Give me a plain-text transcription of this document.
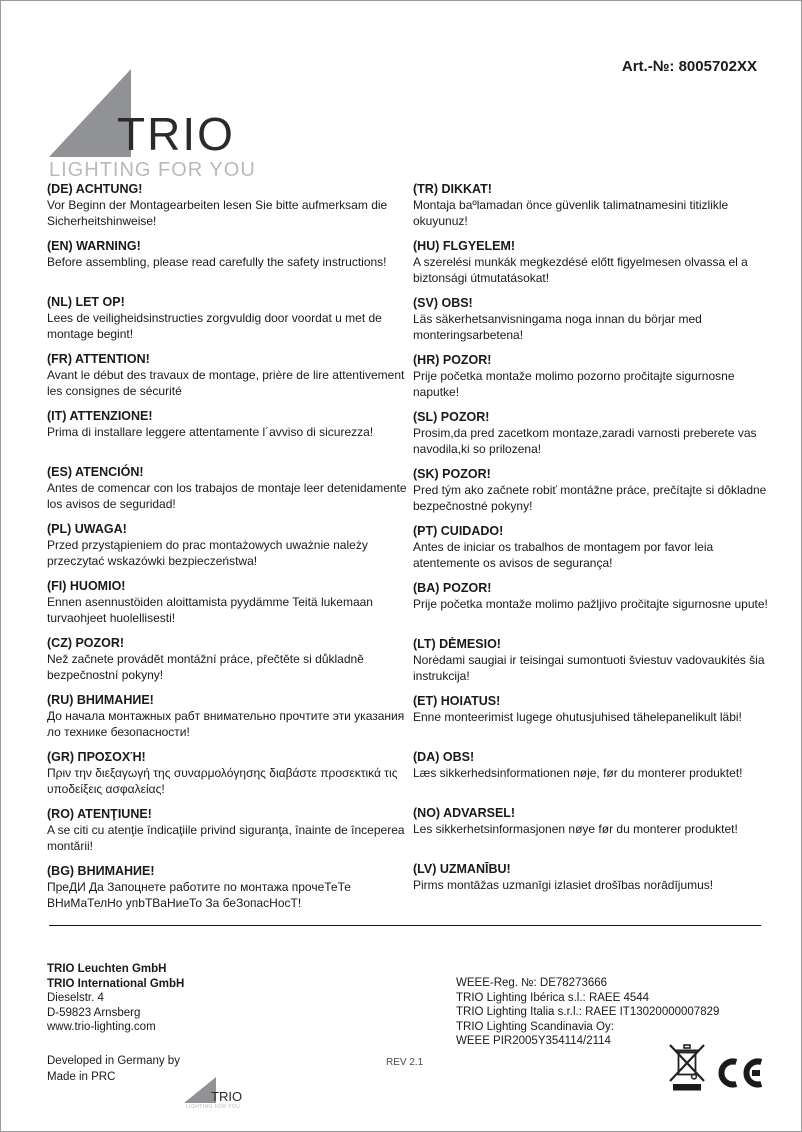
Art.-№: 8005702XX
TRIO
LIGHTING FOR YOU
(DE) ACHTUNG!
Vor Beginn der Montagearbeiten lesen Sie bitte aufmerksam die Sicherheitshinweise!
(EN) WARNING!
Before assembling, please read carefully the safety instructions!
(NL) LET OP!
Lees de veiligheidsinstructies zorgvuldig door voordat u met de montage begint!
(FR) ATTENTION!
Avant le début des travaux de montage, prière de lire attentivement les consignes de sécurité
(IT) ATTENZIONE!
Prima di installare leggere attentamente l´avviso di sicurezza!
(ES) ATENCIÓN!
Antes de comencar con los trabajos de montaje leer detenidamente los avisos de seguridad!
(PL) UWAGA!
Przed przystąpieniem do prac montażowych uważnie należy przeczytać wskazówki bezpieczeństwa!
(FI) HUOMIO!
Ennen asennustöiden aloittamista pyydämme Teitä lukemaan turvaohjeet huolellisesti!
(CZ) POZOR!
Než začnete provádět montážní práce, přečtěte si důkladně bezpečnostní pokyny!
(RU) ВНИМАНИЕ!
До начала монтажных рабт внимательно прочтите эти указания ло технике безопасности!
(GR) ΠΡΟΣΟΧΉ!
Πριν την διεξαγωγή της συναρμολόγησης διαβάστε προσεκτικά τις υποδείξεις ασφαλείας!
(RO) ATENŢIUNE!
A se citi cu atenţie îndicaţiile privind siguranţa, înainte de începerea montării!
(BG) ВНИМАНИЕ!
ПреДИ Да Запоцнете работите по монтажа прочеТеТе ВНиМаТелНо упbТВаНиеТо За беЗопасНосТ!
(TR) DIKKAT!
Montaja baºlamadan önce güvenlik talimatnamesini titizlikle okuyunuz!
(HU) FLGYELEM!
A szerelési munkák megkezdésé előtt figyelmesen olvassa el a biztonsági útmutatásokat!
(SV) OBS!
Läs säkerhetsanvisningama noga innan du börjar med monteringsarbetena!
(HR) POZOR!
Prije početka montaže molimo pozorno pročitajte sigurnosne naputke!
(SL) POZOR!
Prosim,da pred zacetkom montaze,zaradi varnosti preberete vas navodila,ki so prilozena!
(SK) POZOR!
Pred tým ako začnete robiť montážne práce, prečítajte si dôkladne bezpečnostné pokyny!
(PT) CUIDADO!
Antes de iniciar os trabalhos de montagem por favor leia atentemente os avisos de segurança!
(BA) POZOR!
Prije početka montaže molimo pažljivo pročitajte sigurnosne upute!
(LT) DĖMESIO!
Norėdami saugiai ir teisingai sumontuoti šviestuv vadovaukitės šia instrukcija!
(ET) HOIATUS!
Enne monteerimist lugege ohutusjuhised tähelepanelikult läbi!
(DA) OBS!
Læs sikkerhedsinformationen nøje, før du monterer produktet!
(NO) ADVARSEL!
Les sikkerhetsinformasjonen nøye før du monterer produktet!
(LV) UZMANĪBU!
Pirms montāžas uzmanīgi izlasiet drošības norādījumus!
TRIO Leuchten GmbH
TRIO International GmbH
Dieselstr. 4
D-59823 Arnsberg
www.trio-lighting.com
WEEE-Reg. №: DE78273666
TRIO Lighting Ibérica s.l.: RAEE 4544
TRIO Lighting Italia s.r.l.: RAEE IT13020000007829
TRIO Lighting Scandinavia Oy:
WEEE PIR2005Y354114/2114
Developed in Germany by
Made in PRC
TRIO
LIGHTING FOR YOU
REV 2.1
